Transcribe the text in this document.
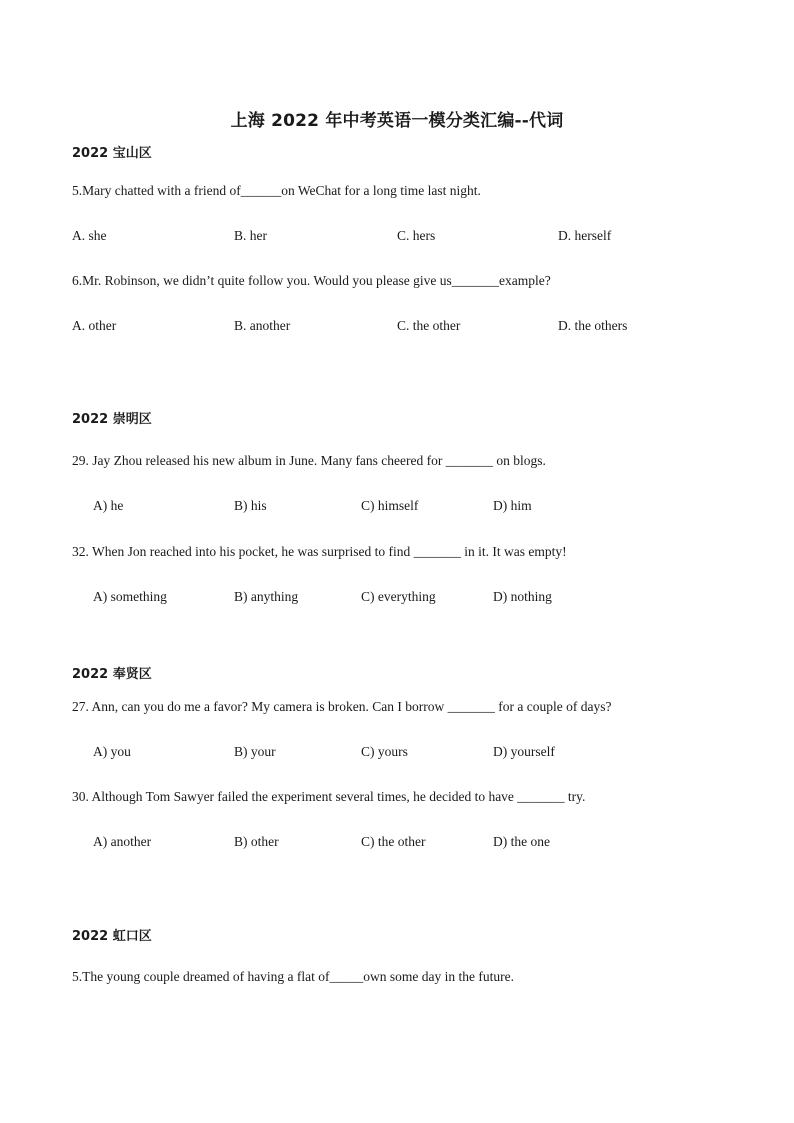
上海 2022 年中考英语一模分类汇编--代词
2022 宝山区
5.Mary chatted with a friend of______on WeChat for a long time last night.
A. she	B. her	C. hers	D. herself
6.Mr. Robinson, we didn’t quite follow you. Would you please give us_______example?
A. other	B. another	C. the other	D. the others
2022 崇明区
29. Jay Zhou released his new album in June. Many fans cheered for _______ on blogs.
A) he	B) his	C) himself	D) him
32. When Jon reached into his pocket, he was surprised to find _______ in it. It was empty!
A) something	B) anything	C) everything	D) nothing
2022 奉贤区
27. Ann, can you do me a favor? My camera is broken. Can I borrow _______ for a couple of days?
A) you	B) your	C) yours	D) yourself
30. Although Tom Sawyer failed the experiment several times, he decided to have _______ try.
A) another	B) other	C) the other	D) the one
2022 虹口区
5.The young couple dreamed of having a flat of_____own some day in the future.
